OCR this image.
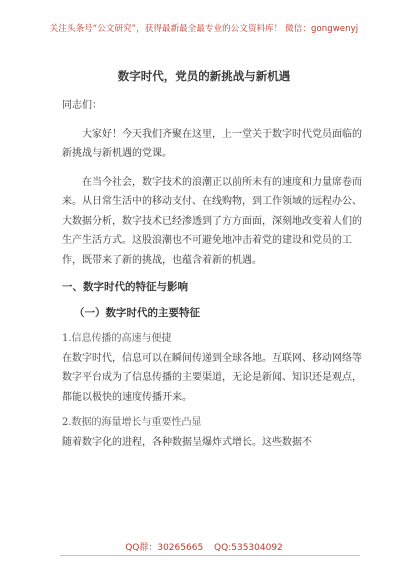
关注头条号“公文研究”，获得最新最全最专业的公文资料库！ 微信：gongwenyj
数字时代，党员的新挑战与新机遇

同志们：

大家好！今天我们齐聚在这里，上一堂关于数字时代党员面临的新挑战与新机遇的党课。

在当今社会，数字技术的浪潮正以前所未有的速度和力量席卷而来。从日常生活中的移动支付、在线购物，到工作领域的远程办公、大数据分析，数字技术已经渗透到了方方面面，深刻地改变着人们的生产生活方式。这股浪潮也不可避免地冲击着党的建设和党员的工作，既带来了新的挑战，也蕴含着新的机遇。

一、数字时代的特征与影响

（一）数字时代的主要特征

1.信息传播的高速与便捷

在数字时代，信息可以在瞬间传递到全球各地。互联网、移动网络等数字平台成为了信息传播的主要渠道，无论是新闻、知识还是观点，都能以极快的速度传播开来。

2.数据的海量增长与重要性凸显

随着数字化的进程，各种数据呈爆炸式增长。这些数据不

QQ群：30265665 QQ:535304092
